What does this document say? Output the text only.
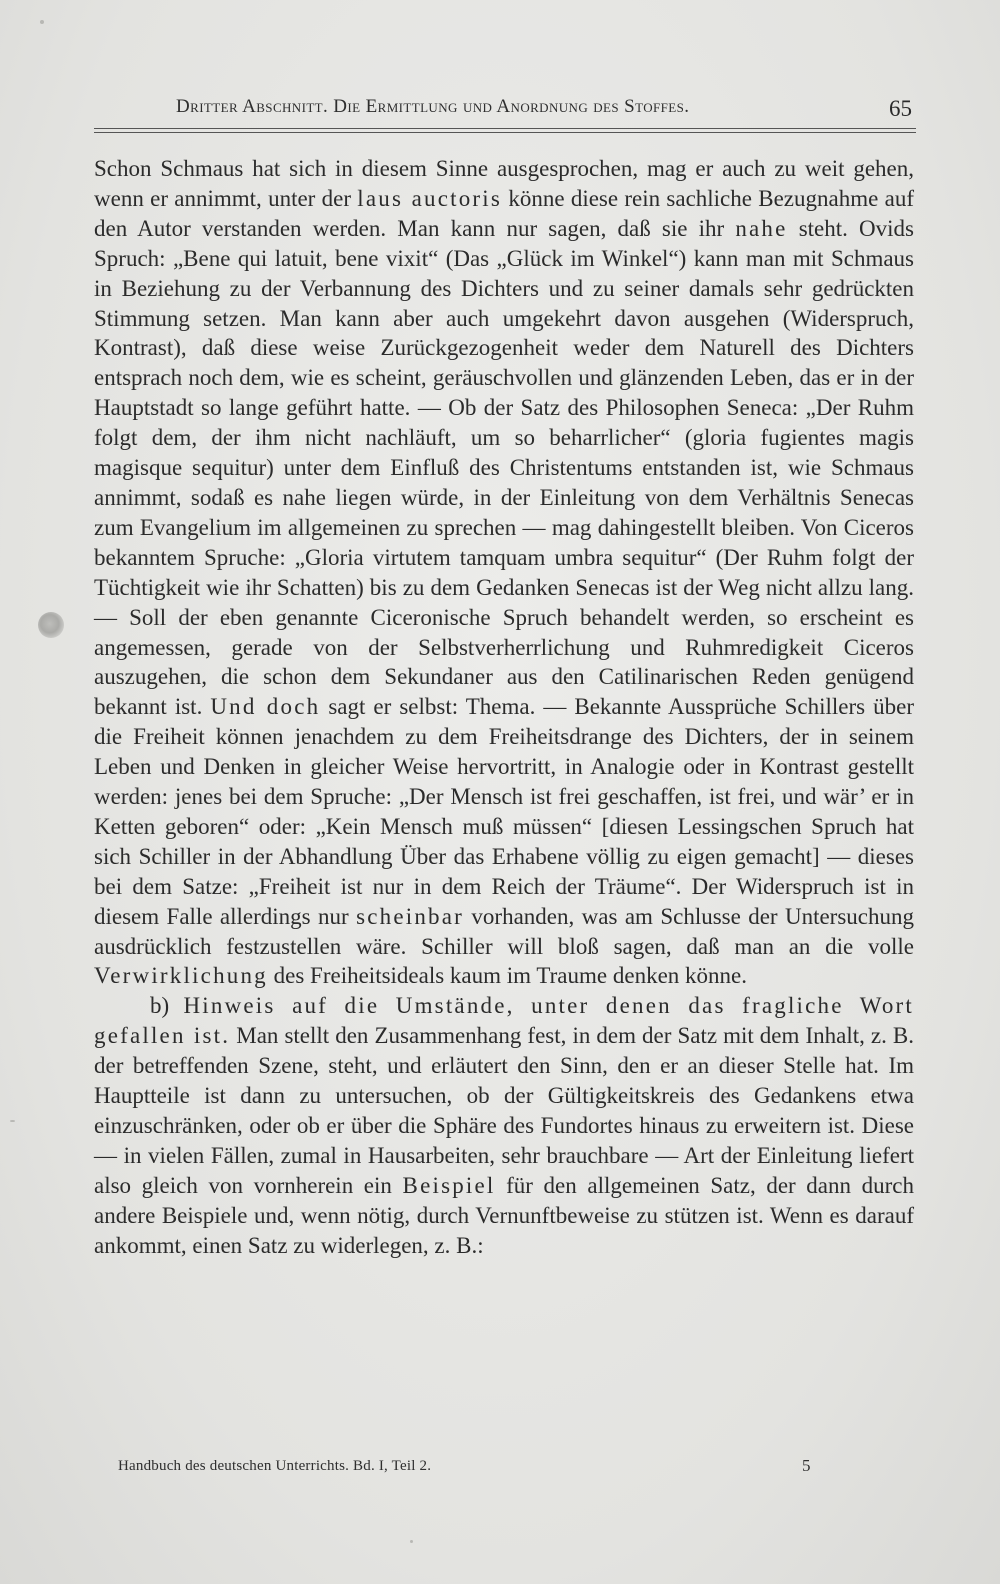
Dritter Abschnitt. Die Ermittlung und Anordnung des Stoffes.	65

Schon Schmaus hat sich in diesem Sinne ausgesprochen, mag er auch zu weit gehen, wenn er annimmt, unter der laus auctoris könne diese rein sachliche Bezugnahme auf den Autor verstanden werden. Man kann nur sagen, daß sie ihr nahe steht. Ovids Spruch: „Bene qui latuit, bene vixit“ (Das „Glück im Winkel“) kann man mit Schmaus in Beziehung zu der Verbannung des Dichters und zu seiner damals sehr gedrückten Stimmung setzen. Man kann aber auch umgekehrt davon ausgehen (Widerspruch, Kontrast), daß diese weise Zurückgezogenheit weder dem Naturell des Dichters entsprach noch dem, wie es scheint, geräuschvollen und glänzenden Leben, das er in der Hauptstadt so lange geführt hatte. — Ob der Satz des Philosophen Seneca: „Der Ruhm folgt dem, der ihm nicht nachläuft, um so beharrlicher“ (gloria fugientes magis magisque sequitur) unter dem Einfluß des Christentums entstanden ist, wie Schmaus annimmt, sodaß es nahe liegen würde, in der Einleitung von dem Verhältnis Senecas zum Evangelium im allgemeinen zu sprechen — mag dahingestellt bleiben. Von Ciceros bekanntem Spruche: „Gloria virtutem tamquam umbra sequitur“ (Der Ruhm folgt der Tüchtigkeit wie ihr Schatten) bis zu dem Gedanken Senecas ist der Weg nicht allzu lang. — Soll der eben genannte Ciceronische Spruch behandelt werden, so erscheint es angemessen, gerade von der Selbstverherrlichung und Ruhmredigkeit Ciceros auszugehen, die schon dem Sekundaner aus den Catilinarischen Reden genügend bekannt ist. Und doch sagt er selbst: Thema. — Bekannte Aussprüche Schillers über die Freiheit können jenachdem zu dem Freiheitsdrange des Dichters, der in seinem Leben und Denken in gleicher Weise hervortritt, in Analogie oder in Kontrast gestellt werden: jenes bei dem Spruche: „Der Mensch ist frei geschaffen, ist frei, und wär’ er in Ketten geboren“ oder: „Kein Mensch muß müssen“ [diesen Lessingschen Spruch hat sich Schiller in der Abhandlung Über das Erhabene völlig zu eigen gemacht] — dieses bei dem Satze: „Freiheit ist nur in dem Reich der Träume“. Der Widerspruch ist in diesem Falle allerdings nur scheinbar vorhanden, was am Schlusse der Untersuchung ausdrücklich festzustellen wäre. Schiller will bloß sagen, daß man an die volle Verwirklichung des Freiheitsideals kaum im Traume denken könne.

b) Hinweis auf die Umstände, unter denen das fragliche Wort gefallen ist. Man stellt den Zusammenhang fest, in dem der Satz mit dem Inhalt, z. B. der betreffenden Szene, steht, und erläutert den Sinn, den er an dieser Stelle hat. Im Hauptteile ist dann zu untersuchen, ob der Gültigkeitskreis des Gedankens etwa einzuschränken, oder ob er über die Sphäre des Fundortes hinaus zu erweitern ist. Diese — in vielen Fällen, zumal in Hausarbeiten, sehr brauchbare — Art der Einleitung liefert also gleich von vornherein ein Beispiel für den allgemeinen Satz, der dann durch andere Beispiele und, wenn nötig, durch Vernunftbeweise zu stützen ist. Wenn es darauf ankommt, einen Satz zu widerlegen, z. B.:

Handbuch des deutschen Unterrichts. Bd. I, Teil 2.	5
